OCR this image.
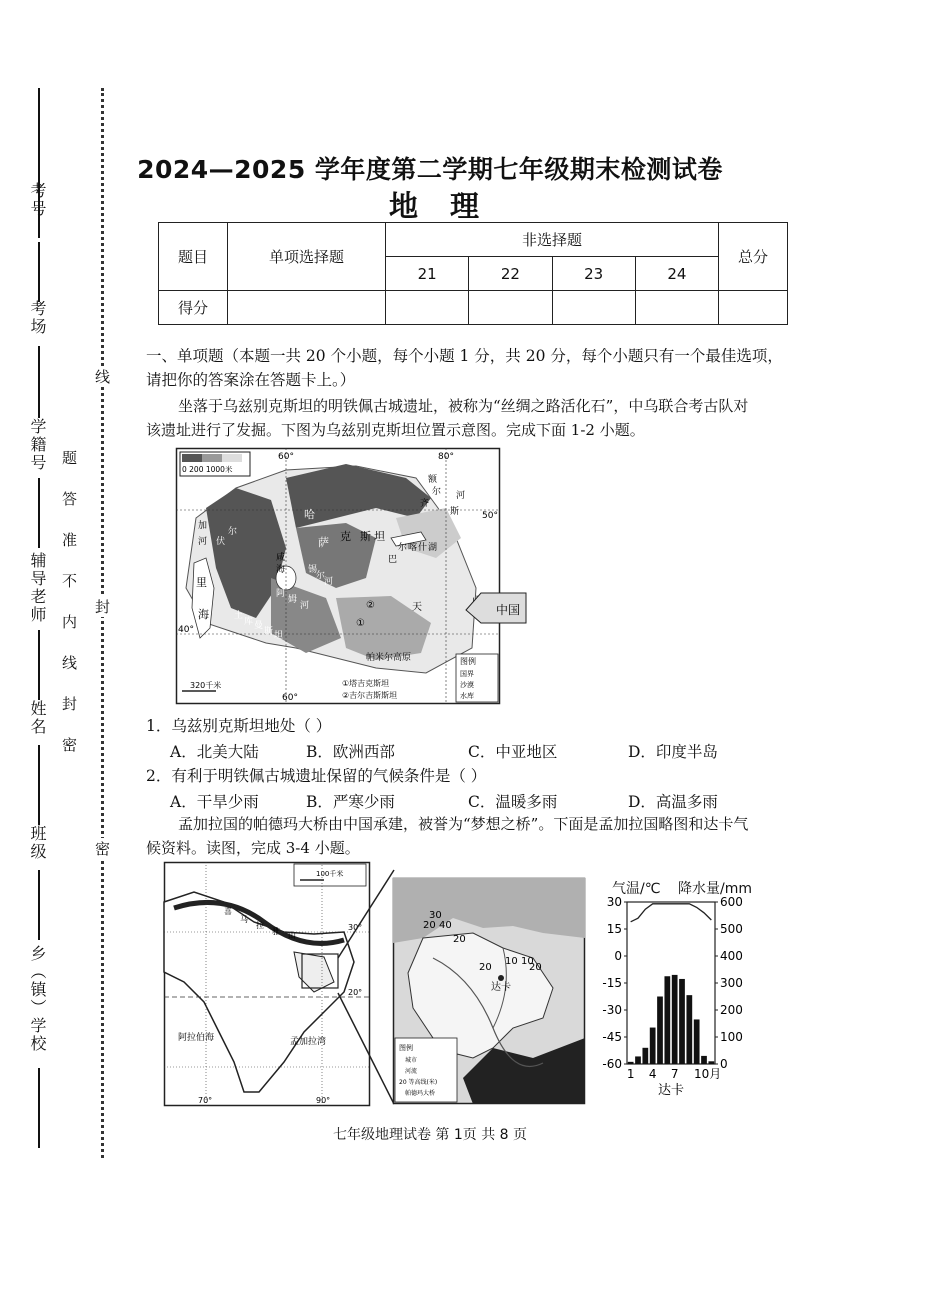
考号
考场
学籍号
辅导老师
姓名
班级
乡（镇）学校
题
答
准
不
内
线
封
密
线
封
密
2024—2025 学年度第二学期七年级期末检测试卷
地理
题目	单项选择题	非选择题				总分
		21	22	23	24	
得分						
一、单项题（本题一共 20 个小题，每个小题 1 分，共 20 分，每个小题只有一个最佳选项，
请把你的答案涂在答题卡上。）
坐落于乌兹别克斯坦的明铁佩古城遗址，被称为“丝绸之路活化石”，中乌联合考古队对
该遗址进行了发掘。下图为乌兹别克斯坦位置示意图。完成下面 1-2 小题。
0 200 1000米
60°	80°
60°
50°
40°
伏
尔
加
河
里
海
哈
萨 克 斯 坦
巴
尔 喀 什 湖
咸
海
土
库 曼
斯 坦
阿
姆
河
锡
尔
河
天
帕米尔高原
额
尔
齐
斯
河
①
②	中国
320千米
图例
国界
沙漠
水库
①塔吉克斯坦
②吉尔吉斯斯坦
1．乌兹别克斯坦地处（ ）
A．北美大陆	B．欧洲西部	C．中亚地区	D．印度半岛
2．有利于明铁佩古城遗址保留的气候条件是（ ）
A．干旱少雨	B．严寒少雨	C．温暖多雨	D．高温多雨
孟加拉国的帕德玛大桥由中国承建，被誉为“梦想之桥”。下面是孟加拉国略图和达卡气
候资料。读图，完成 3-4 小题。
100千米
阿拉伯海	孟加拉湾
喜
马
拉
雅 山
70°	90°
30°
20°
30
40
20
20
10 10
20	20
达卡
图例
城市
河流
20 等高线(米)
帕德玛大桥
气温/℃ 降水量/mm
30
15
0
-15
-30
-45
-60
600
500
400
300
200
100
0
1 4 7 10月
达卡
七年级地理试卷 第 1页 共 8 页
